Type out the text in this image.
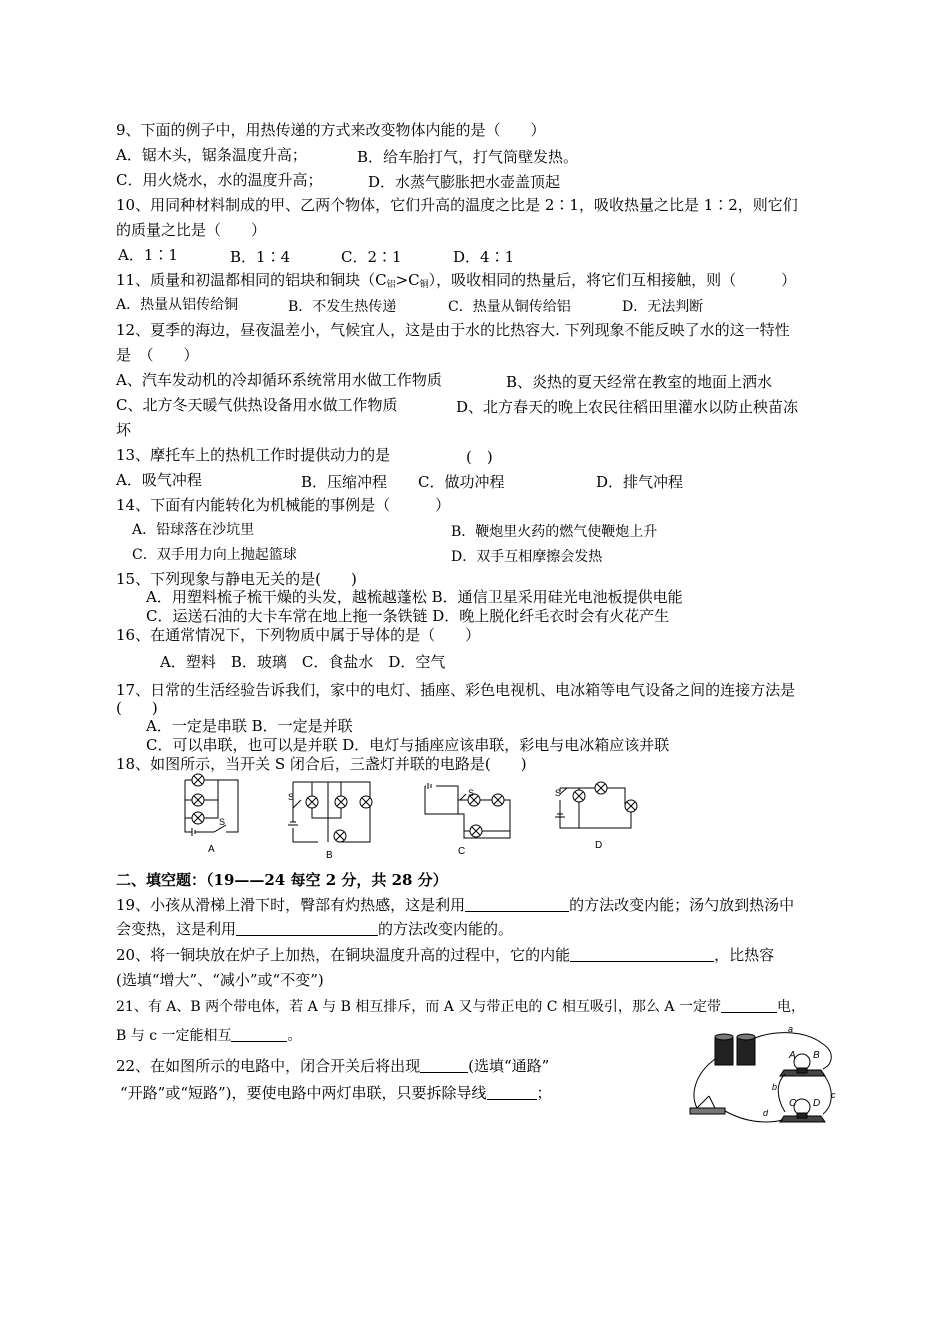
9、下面的例子中，用热传递的方式来改变物体内能的是（　　）
A．锯木头，锯条温度升高；	B．给车胎打气，打气筒壁发热。
C．用火烧水，水的温度升高；	D．水蒸气膨胀把水壶盖顶起
10、用同种材料制成的甲、乙两个物体，它们升高的温度之比是 2∶1，吸收热量之比是 1∶2，则它们
的质量之比是（　　）
A．1∶1	B．1∶4	C．2∶1	D．4∶1
11、质量和初温都相同的铝块和铜块$(C_铝>C_铜)$，吸收相同的热量后，将它们互相接触，则（　　　）
A．热量从铝传给铜	B．不发生热传递	C．热量从铜传给铝	D．无法判断
12、夏季的海边，昼夜温差小，气候宜人，这是由于水的比热容大. 下列现象不能反映了水的这一特性
是　（　　）
A、汽车发动机的冷却循环系统常用水做工作物质	B、炎热的夏天经常在教室的地面上洒水
C、北方冬天暖气供热设备用水做工作物质	D、北方春天的晚上农民往稻田里灌水以防止秧苗冻
坏
13、摩托车上的热机工作时提供动力的是	(　)
A．吸气冲程	B．压缩冲程 C．做功冲程	D．排气冲程
14、下面有内能转化为机械能的事例是（　　　）
A．铅球落在沙坑里	B．鞭炮里火药的燃气使鞭炮上升
C．双手用力向上抛起篮球	D．双手互相摩擦会发热
15、下列现象与静电无关的是(　　)
A．用塑料梳子梳干燥的头发，越梳越蓬松 B．通信卫星采用硅光电池板提供电能
C．运送石油的大卡车常在地上拖一条铁链 D．晚上脱化纤毛衣时会有火花产生
16、在通常情况下，下列物质中属于导体的是（　　）
A．塑料　B．玻璃　C．食盐水　D．空气
17、日常的生活经验告诉我们，家中的电灯、插座、彩色电视机、电冰箱等电气设备之间的连接方法是
(　　)
A．一定是串联 B．一定是并联
C．可以串联，也可以是并联 D．电灯与插座应该串联，彩电与电冰箱应该并联
18、如图所示，当开关 S 闭合后，三盏灯并联的电路是(　　)
S
A
S
B
S
C
S
D
二、填空题：（19——24 每空 2 分，共 28 分）
19、小孩从滑梯上滑下时，臀部有灼热感，这是利用	的方法改变内能；汤勺放到热汤中
会变热，这是利用	的方法改变内能的。
20、将一铜块放在炉子上加热，在铜块温度升高的过程中，它的内能	，比热容
(选填“增大”、“减小”或“不变”)
21、有 A、B 两个带电体，若 A 与 B 相互排斥，而 A 又与带正电的 C 相互吸引，那么 A 一定带	电，
B 与 c 一定能相互	。
22、在如图所示的电路中，闭合开关后将出现	(选填“通路”
“开路”或“短路”)，要使电路中两灯串联，只要拆除导线	；
a
A B
b
c
C D
d
